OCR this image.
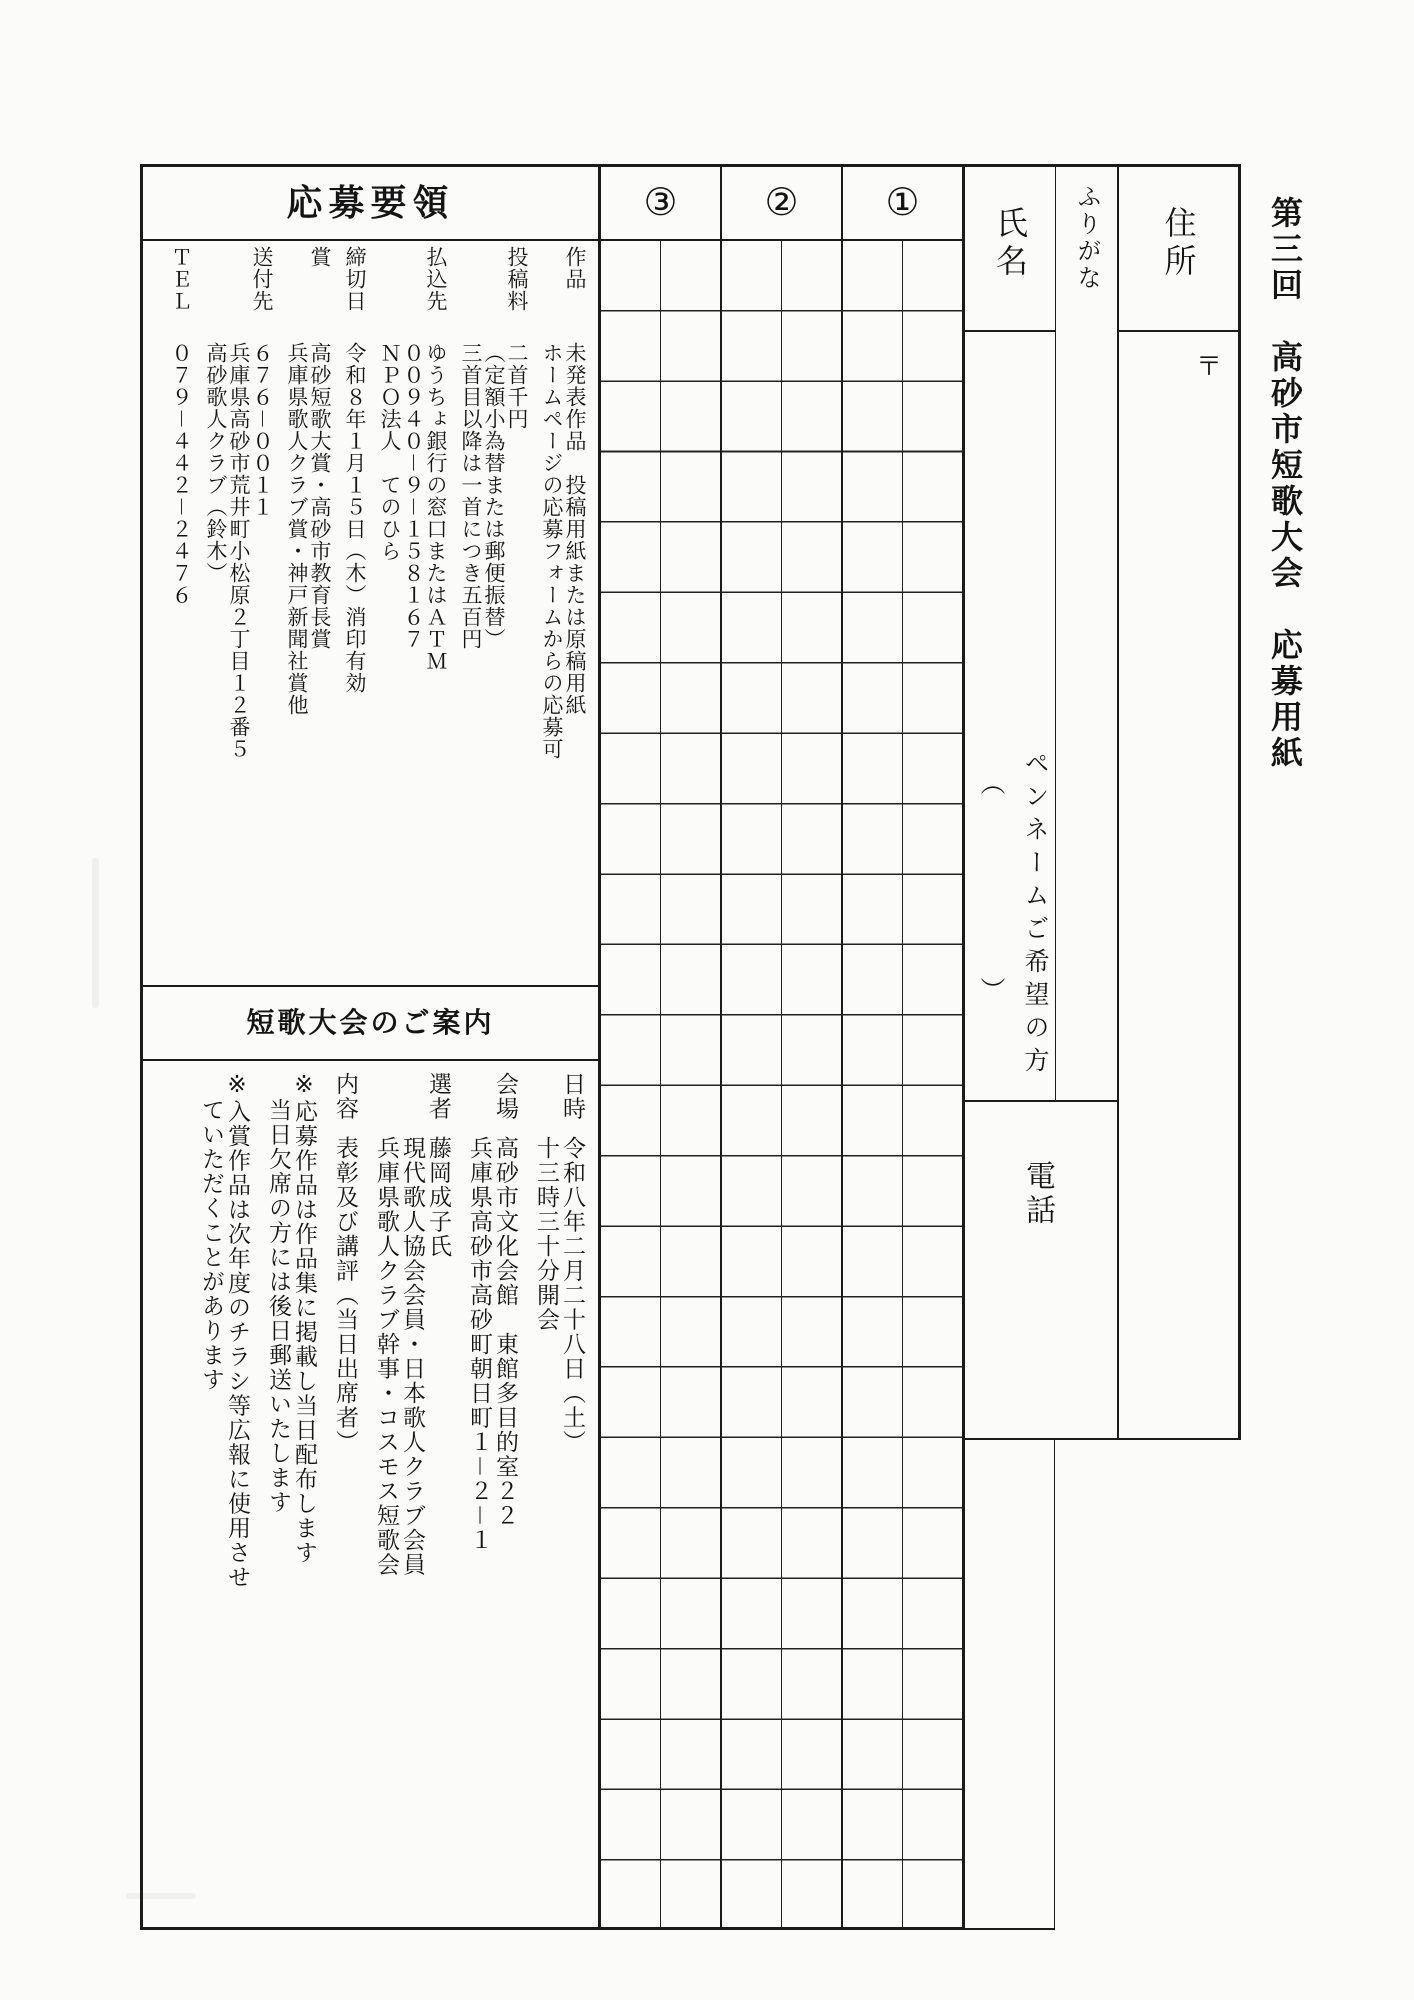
応募要領
作品未発表作品　投稿用紙または原稿用紙
ホームページの応募フォームからの応募可
投稿料二首千円
（定額小為替または郵便振替）
三首目以降は一首につき五百円
払込先ゆうちょ銀行の窓口またはＡＴＭ
００９４０－９－１５８１６７
ＮＰＯ法人　てのひら
締切日令和８年１月１５日（木）消印有効
賞高砂短歌大賞・高砂市教育長賞
兵庫県歌人クラブ賞・神戸新聞社賞他
送付先６７６－００１１
兵庫県高砂市荒井町小松原２丁目１２番５
高砂歌人クラブ（鈴木）
ＴＥＬ０７９－４４２－２４７６
短歌大会のご案内
日時令和八年二月二十八日（土）
十三時三十分開会
会場高砂市文化会館　東館多目的室２２
兵庫県高砂市高砂町朝日町１－２－１
選者藤岡成子氏
現代歌人協会会員・日本歌人クラブ会員
兵庫県歌人クラブ幹事・コスモス短歌会
内容表彰及び講評（当日出席者）
※応募作品は作品集に掲載し当日配布します
当日欠席の方には後日郵送いたします
※入賞作品は次年度のチラシ等広報に使用させ
ていただくことがあります
③	②	①
氏名
ペンネームご希望の方
（）
ふりがな 住所
〒
電話
第三回　高砂市短歌大会　応募用紙
